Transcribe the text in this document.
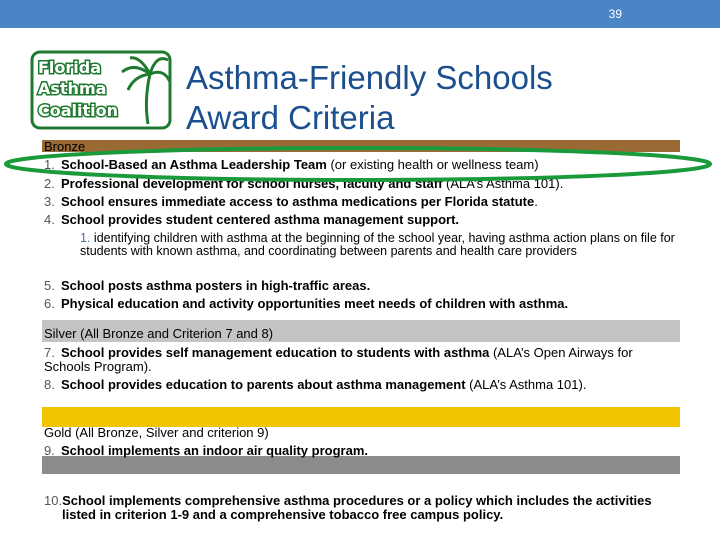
39
Florida
Asthma
Coalition
Asthma-Friendly Schools
Award Criteria
Bronze
1. School-Based an Asthma Leadership Team (or existing health or wellness team)
2. Professional development for school nurses, faculty and staff (ALA’s Asthma 101).
3. School ensures immediate access to asthma medications per Florida statute.
4. School provides student centered asthma management support.
1. identifying children with asthma at the beginning of the school year, having asthma action plans on file for students with known asthma, and coordinating between parents and health care providers
5. School posts asthma posters in high-traffic areas.
6. Physical education and activity opportunities meet needs of children with asthma.
Silver (All Bronze and Criterion 7 and 8)
7. School provides self management education to students with asthma (ALA’s Open Airways for Schools Program).
8. School provides education to parents about asthma management (ALA’s Asthma 101).
Gold (All Bronze, Silver and criterion 9)
9. School implements an indoor air quality program.
10.School implements comprehensive asthma procedures or a policy which includes the activities listed in criterion 1-9 and a comprehensive tobacco free campus policy.
